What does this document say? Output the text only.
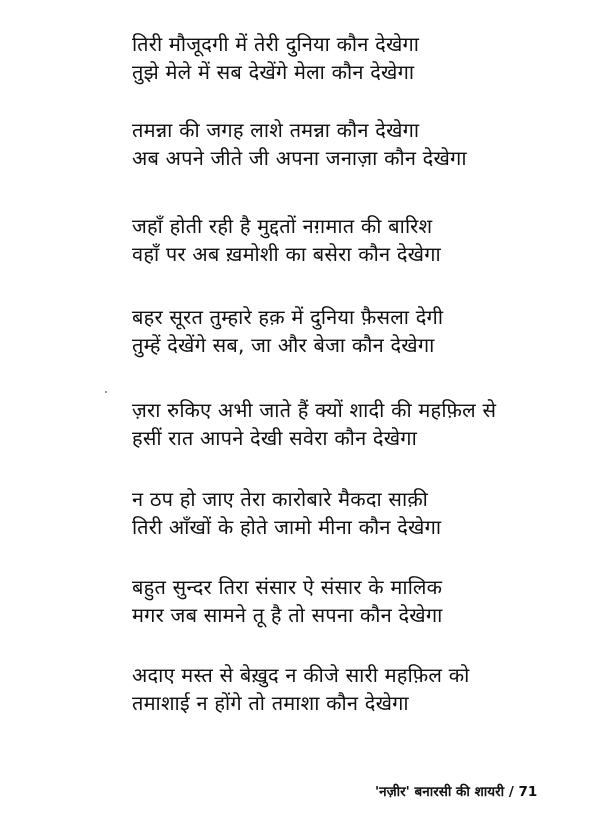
तिरी मौजूदगी में तेरी दुनिया कौन देखेगा
तुझे मेले में सब देखेंगे मेला कौन देखेगा
तमन्ना की जगह लाशे तमन्ना कौन देखेगा
अब अपने जीते जी अपना जनाज़ा कौन देखेगा
जहाँ होती रही है मुद्दतों नग़मात की बारिश
वहाँ पर अब ख़मोशी का बसेरा कौन देखेगा
बहर सूरत तुम्हारे हक़ में दुनिया फ़ैसला देगी
तुम्हें देखेंगे सब, जा और बेजा कौन देखेगा
ज़रा रुकिए अभी जाते हैं क्यों शादी की महफ़िल से
हसीं रात आपने देखी सवेरा कौन देखेगा
न ठप हो जाए तेरा कारोबारे मैकदा साक़ी
तिरी आँखों के होते जामो मीना कौन देखेगा
बहुत सुन्दर तिरा संसार ऐ संसार के मालिक
मगर जब सामने तू है तो सपना कौन देखेगा
अदाए मस्त से बेख़ुद न कीजे सारी महफ़िल को
तमाशाई न होंगे तो तमाशा कौन देखेगा
'नज़ीर' बनारसी की शायरी / 71
